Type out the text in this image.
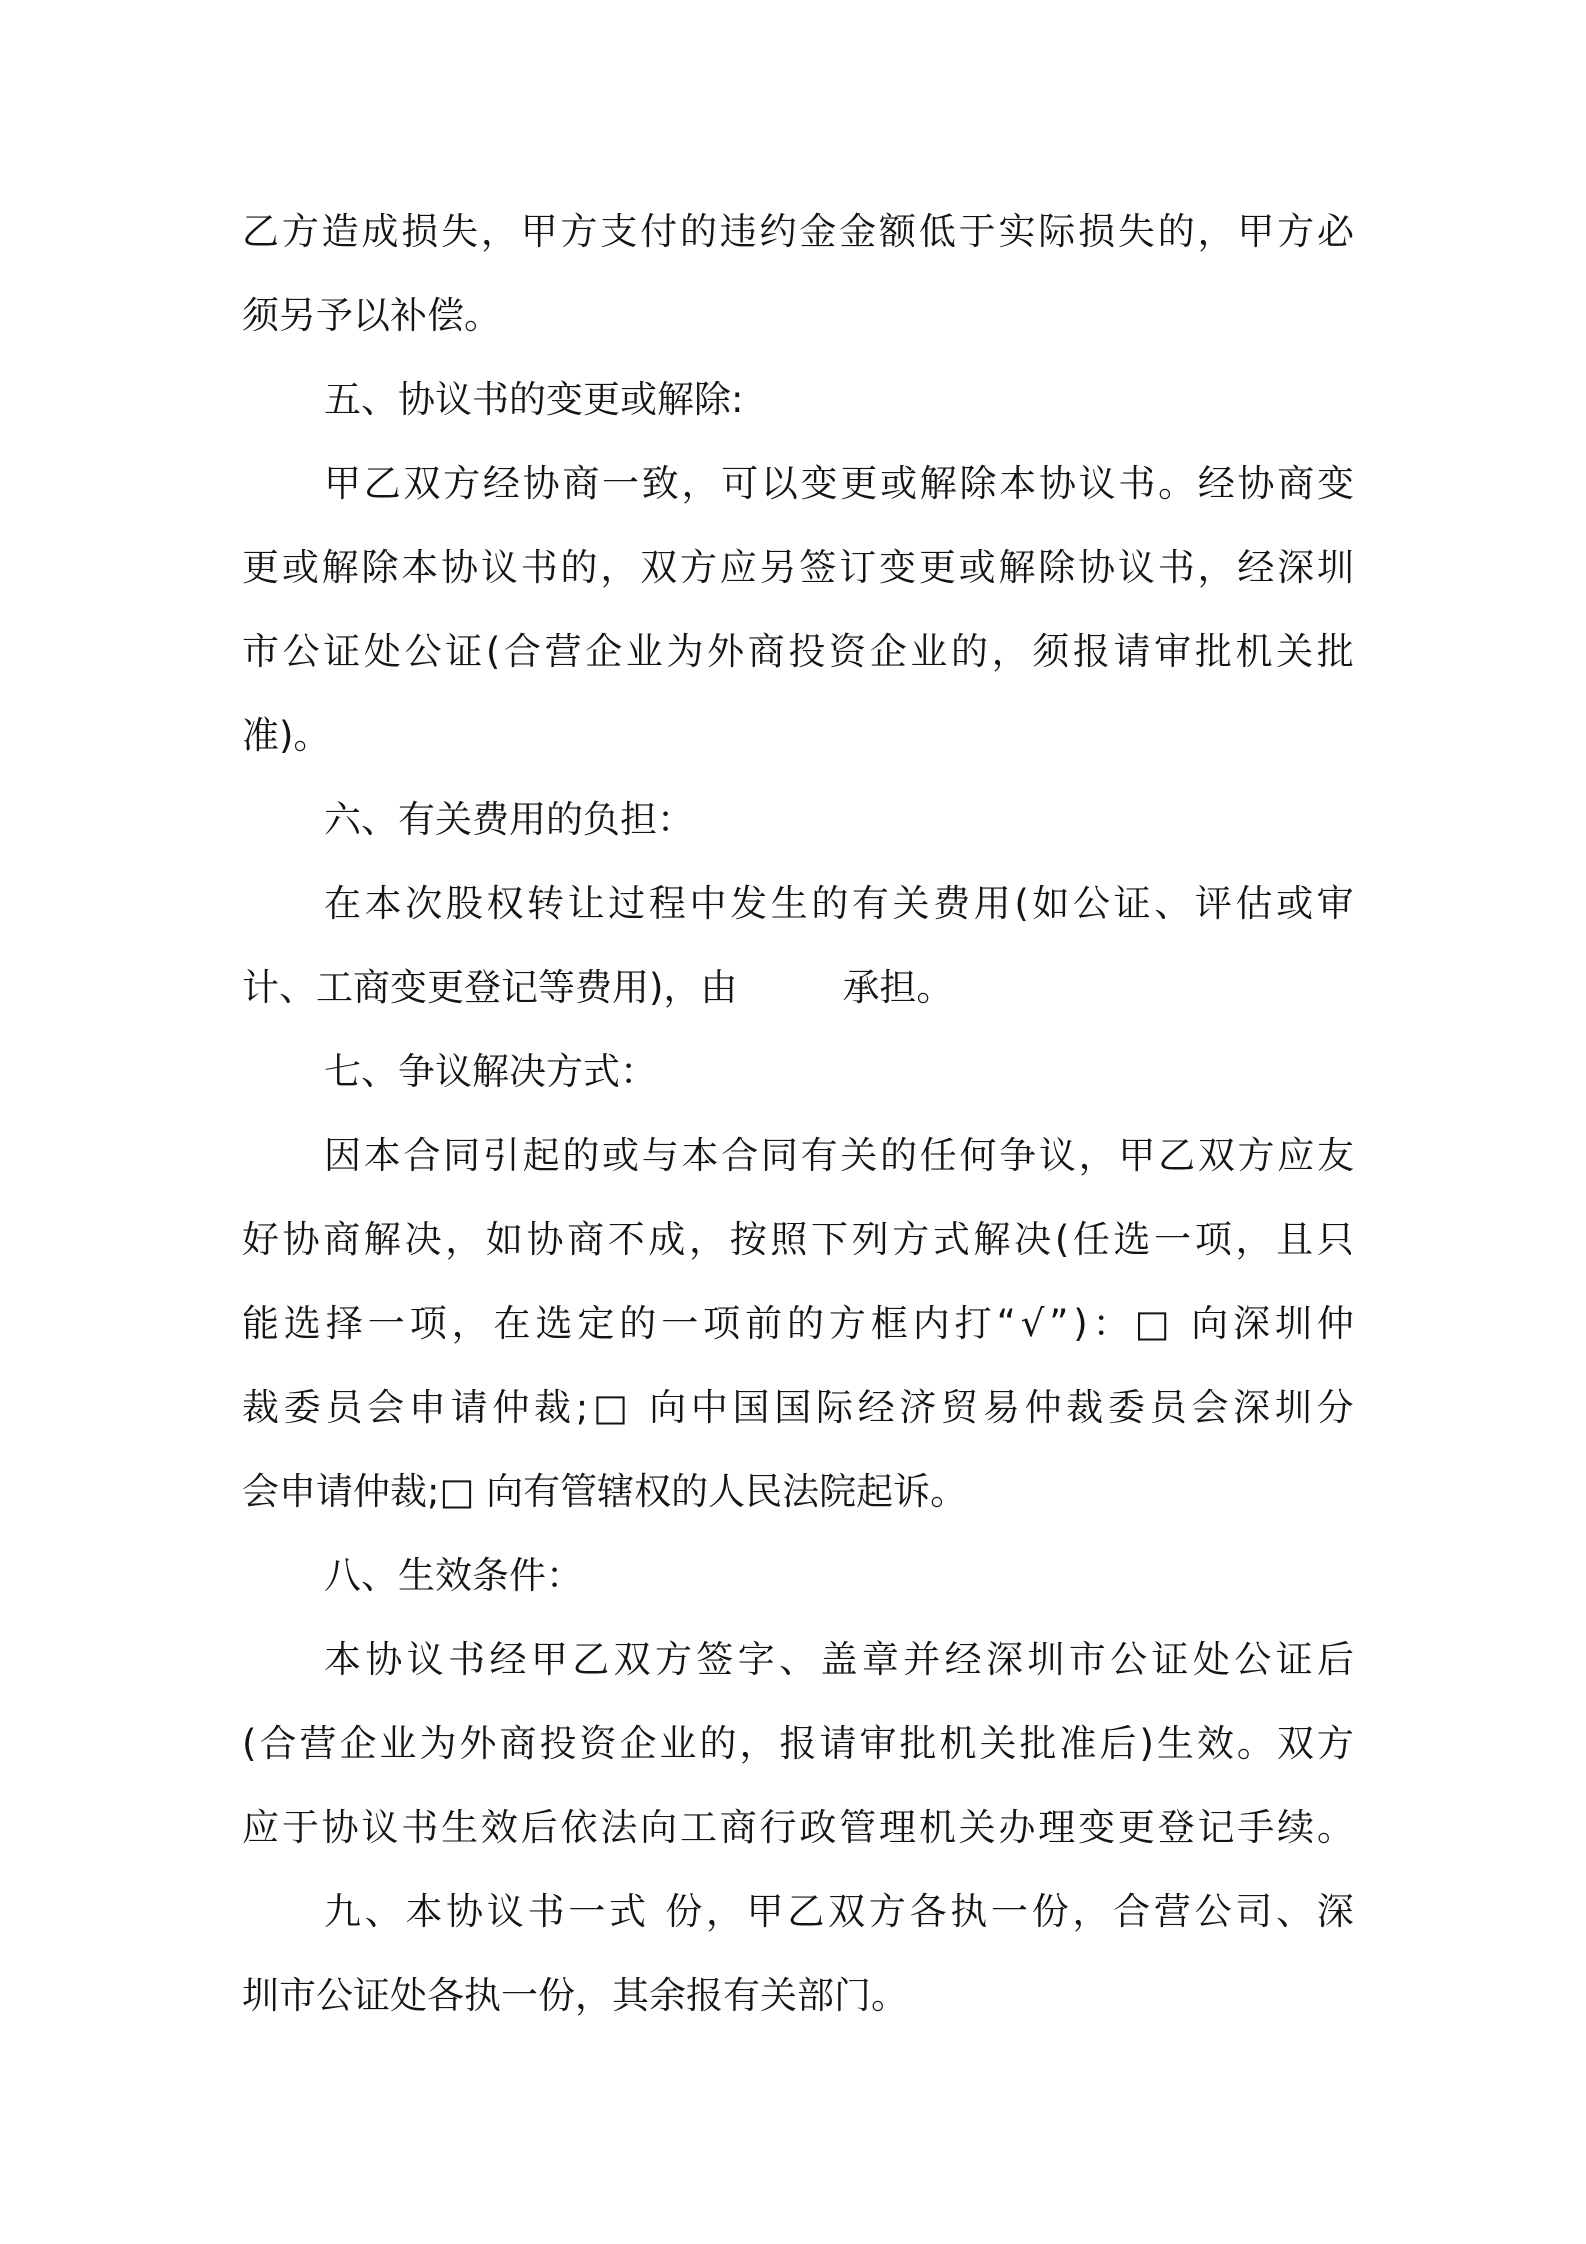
乙 方 造 成 损 失 ， 甲 方 支 付 的 违 约 金 金 额 低 于 实 际 损 失 的 ， 甲 方 必
须另予以补偿。
五、协议书的变更或解除:
甲 乙 双 方 经 协 商 一 致 ， 可 以 变 更 或 解 除 本 协 议 书 。 经 协 商 变
更 或 解 除 本 协 议 书 的 ， 双 方 应 另 签 订 变 更 或 解 除 协 议 书 ， 经 深 圳
市 公 证 处 公 证 ( 合 营 企 业 为 外 商 投 资 企 业 的 ， 须 报 请 审 批 机 关 批
准)。
六、有关费用的负担：
在 本 次 股 权 转 让 过 程 中 发 生 的 有 关 费 用 ( 如 公 证 、 评 估 或 审
计、工商变更登记等费用)，由	承担。
七、争议解决方式：
因 本 合 同 引 起 的 或 与 本 合 同 有 关 的 任 何 争 议 ， 甲 乙 双 方 应 友
好 协 商 解 决 ， 如 协 商 不 成 ， 按 照 下 列 方 式 解 决 ( 任 选 一 项 ， 且 只
能 选 择 一 项 ， 在 选 定 的 一 项 前 的 方 框 内 打 “ √ ” ) ： □
向 深 圳 仲
裁 委 员 会 申 请 仲 裁 ; □
向 中 国 国 际 经 济 贸 易 仲 裁 委 员 会 深 圳 分
会申请仲裁;□ 向有管辖权的人民法院起诉。
八、生效条件：
本 协 议 书 经 甲 乙 双 方 签 字 、 盖 章 并 经 深 圳 市 公 证 处 公 证 后
( 合 营 企 业 为 外 商 投 资 企 业 的 ， 报 请 审 批 机 关 批 准 后 ) 生 效 。 双 方
应 于 协 议 书 生 效 后 依 法 向 工 商 行 政 管 理 机 关 办 理 变 更 登 记 手 续 。
九 、 本 协 议 书 一 式
份 ， 甲 乙 双 方 各 执 一 份 ， 合 营 公 司 、 深
圳市公证处各执一份，其余报有关部门。
